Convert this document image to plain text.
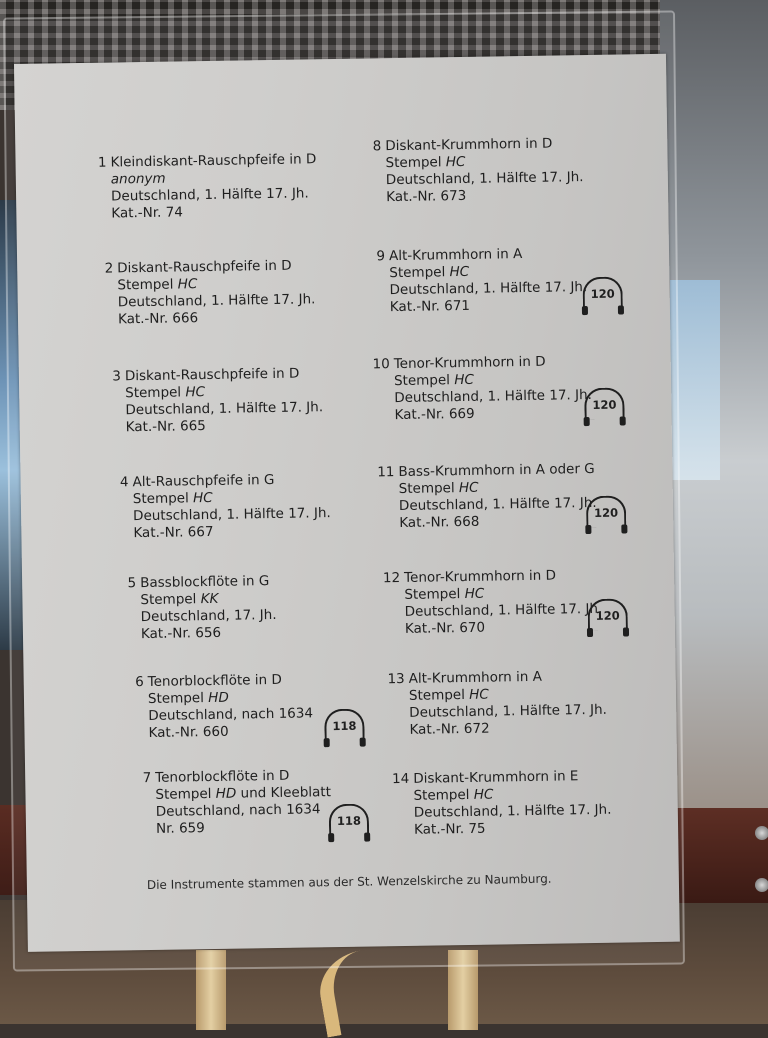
Die Instrumente stammen aus der St. Wenzelskirche zu Naumburg.
1 Kleindiskant-Rauschpfeife in D
anonym
Deutschland, 1. Hälfte 17. Jh.
Kat.-Nr. 74
2 Diskant-Rauschpfeife in D
Stempel HC
Deutschland, 1. Hälfte 17. Jh.
Kat.-Nr. 666
3 Diskant-Rauschpfeife in D
Stempel HC
Deutschland, 1. Hälfte 17. Jh.
Kat.-Nr. 665
4 Alt-Rauschpfeife in G
Stempel HC
Deutschland, 1. Hälfte 17. Jh.
Kat.-Nr. 667
5 Bassblockflöte in G
Stempel KK
Deutschland, 17. Jh.
Kat.-Nr. 656
6 Tenorblockflöte in D
Stempel HD
Deutschland, nach 1634
Kat.-Nr. 660	118
7 Tenorblockflöte in D
Stempel HD und Kleeblatt
Deutschland, nach 1634
Nr. 659	118
8 Diskant-Krummhorn in D
Stempel HC
Deutschland, 1. Hälfte 17. Jh.
Kat.-Nr. 673
9 Alt-Krummhorn in A
Stempel HC
Deutschland, 1. Hälfte 17. Jh.
Kat.-Nr. 671
120
10 Tenor-Krummhorn in D
Stempel HC
Deutschland, 1. Hälfte 17. Jh.
Kat.-Nr. 669
120
11 Bass-Krummhorn in A oder G
Stempel HC
Deutschland, 1. Hälfte 17. Jh.
Kat.-Nr. 668
120
12 Tenor-Krummhorn in D
Stempel HC
Deutschland, 1. Hälfte 17. Jh.
Kat.-Nr. 670
120
13 Alt-Krummhorn in A
Stempel HC
Deutschland, 1. Hälfte 17. Jh.
Kat.-Nr. 672
14 Diskant-Krummhorn in E
Stempel HC
Deutschland, 1. Hälfte 17. Jh.
Kat.-Nr. 75
